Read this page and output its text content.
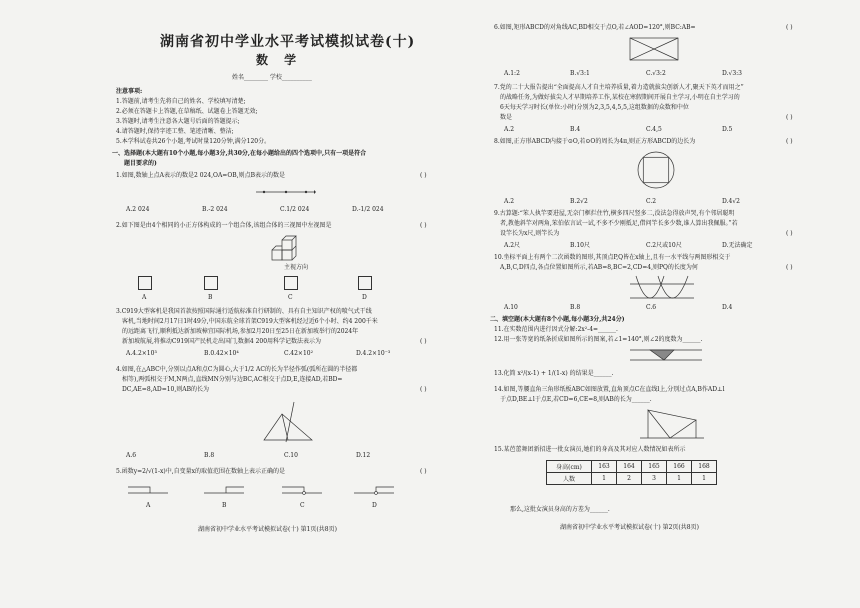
湖南省初中学业水平考试模拟试卷(十)
数 学
姓名________ 学校__________
注意事项:
1.答题前,请考生先将自己的姓名、学校填写清楚;
2.必须在答题卡上答题,在草稿纸、试题卷上答题无效;
3.答题时,请考生注意各大题号后面的答题提示;
4.请答题时,保持字迹工整、笔迹清晰、整洁;
5.本学科试卷共26个小题,考试时量120分钟,满分120分。
一、选择题(本大题有10个小题,每小题3分,共30分,在每小题给出的四个选项中,只有一项是符合
题目要求的)
1.如图,数轴上点A表示的数是2 024,OA=OB,则点B表示的数是	( )
A.2 024	B.-2 024	C.1/2 024	D.-1/2 024
2.如下图是由4个相同的小正方体构成的一个组合体,该组合体的三视图中左视图是	( )
主视方向
A	B	C	D
3.C919大型客机是我国首款按照国际通行适航标准自行研制的、具有自主知识产权的喷气式干线
客机,当地时间2月17日1时49分,中国东航全球首架C919大型客机经过近6个小时、约4 200千米
的远距离飞行,顺利抵达新加坡樟宜国际机场,参加2月20日至25日在新加坡举行的2024年
新加坡航展,将推动C919国产民机走出国门,数据4 200用科学记数法表示为	( )
A.4.2×10³	B.0.42×10⁴	C.42×10²	D.4.2×10⁻³
4.如图,在△ABC中,分别以点A和点C为圆心,大于1/2 AC的长为半径作弧(弧所在圆的半径都
相等),两弧相交于M,N两点,直线MN分别与边BC,AC相交于点D,E,连接AD,若BD=
DC,AE=8,AD=10,则AB的长为	( )
A.6	B.8	C.10	D.12
5.函数y=2/√(1-x)中,自变量x的取值范围在数轴上表示正确的是	( )
A	B	C	D
湖南省初中学业水平考试模拟试卷(十) 第1页(共8页)
6.如图,矩形ABCD的对角线AC,BD相交于点O,若∠AOD=120°,则BC:AB=	( )
A.1:2	B.√3:1	C.√3:2	D.√3:3
7.党的二十大报告提出“全面提高人才自主培养质量,着力造就拔尖创新人才,聚天下英才而用之”
的战略任务,为做好拔尖人才早期培养工作,某校在寒假期间开展自主学习,小明在自主学习的
6天每天学习时长(单位:小时)分别为2,3,5,4,5,5,这组数据的众数和中位
数是	( )
A.2	B.4	C.4,5	D.5
8.如图,正方形ABCD内接于⊙O,若⊙O的周长为4π,则正方形ABCD的边长为	( )
A.2	B.2√2	C.2	D.4√2
9.古算题:“笨人执竿要进屋,无奈门框拦住竹,横多四尺竖多二,没法急得放声哭,有个邻居聪明
者,教他斜竿对两角,笨伯依言试一试,不多不少刚抵足,借问竿长多少数,谁人算出我佩服。”若
设竿长为x尺,则竿长为	( )
A.2尺	B.10尺	C.2尺或10尺	D.无法确定
10.坐标平面上有两个二次函数的图形,其顶点P,Q皆在x轴上,且有一水平线与两图形相交于
A,B,C,D四点,各点位置如图所示,若AB=8,BC=2,CD=4,则PQ的长度为何	( )
A.10	B.8	C.6	D.4
二、填空题(本大题有8个小题,每小题3分,共24分)
11.在实数范围内进行因式分解:2x²-4=______.
12.用一张等宽的纸条折成如图所示的图案,若∠1=140°,则∠2的度数为______.
13.化简 x²/(x-1) + 1/(1-x) 的结果是______.
14.如图,等腰直角三角形纸板ABC如图放置,直角顶点C在直线l上,分别过点A,B作AD⊥l
于点D,BE⊥l于点E,若CD=6,CE=8,则AB的长为______.
15.某芭蕾舞团新招进一批女演员,她们的身高及其对应人数情况如表所示
身高(cm)	163	164	165	166	168
人数	1	2	3	1	1
那么,这批女演员身高的方差为______.
湖南省初中学业水平考试模拟试卷(十) 第2页(共8页)
